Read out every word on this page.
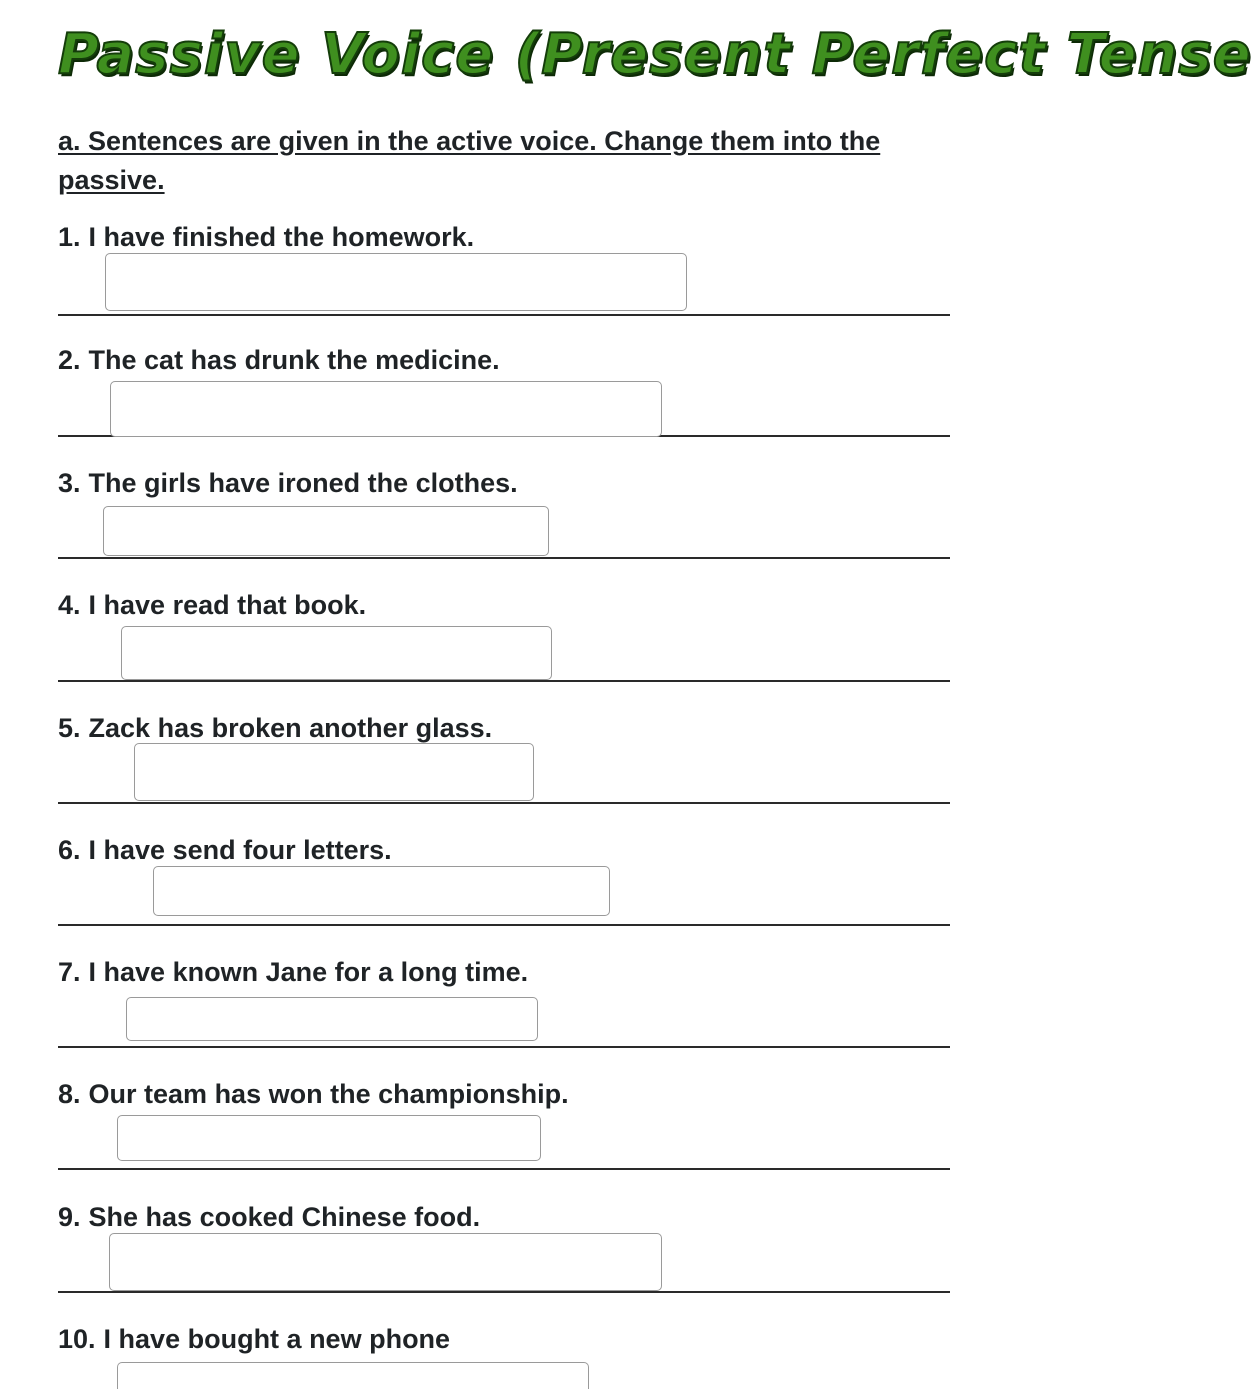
Passive Voice (Present Perfect Tense

a. Sentences are given in the active voice. Change them into the passive.

1. I have finished the homework.

2. The cat has drunk the medicine.

3. The girls have ironed the clothes.

4. I have read that book.

5. Zack has broken another glass.

6. I have send four letters.

7. I have known Jane for a long time.

8. Our team has won the championship.

9. She has cooked Chinese food.

10. I have bought a new phone
